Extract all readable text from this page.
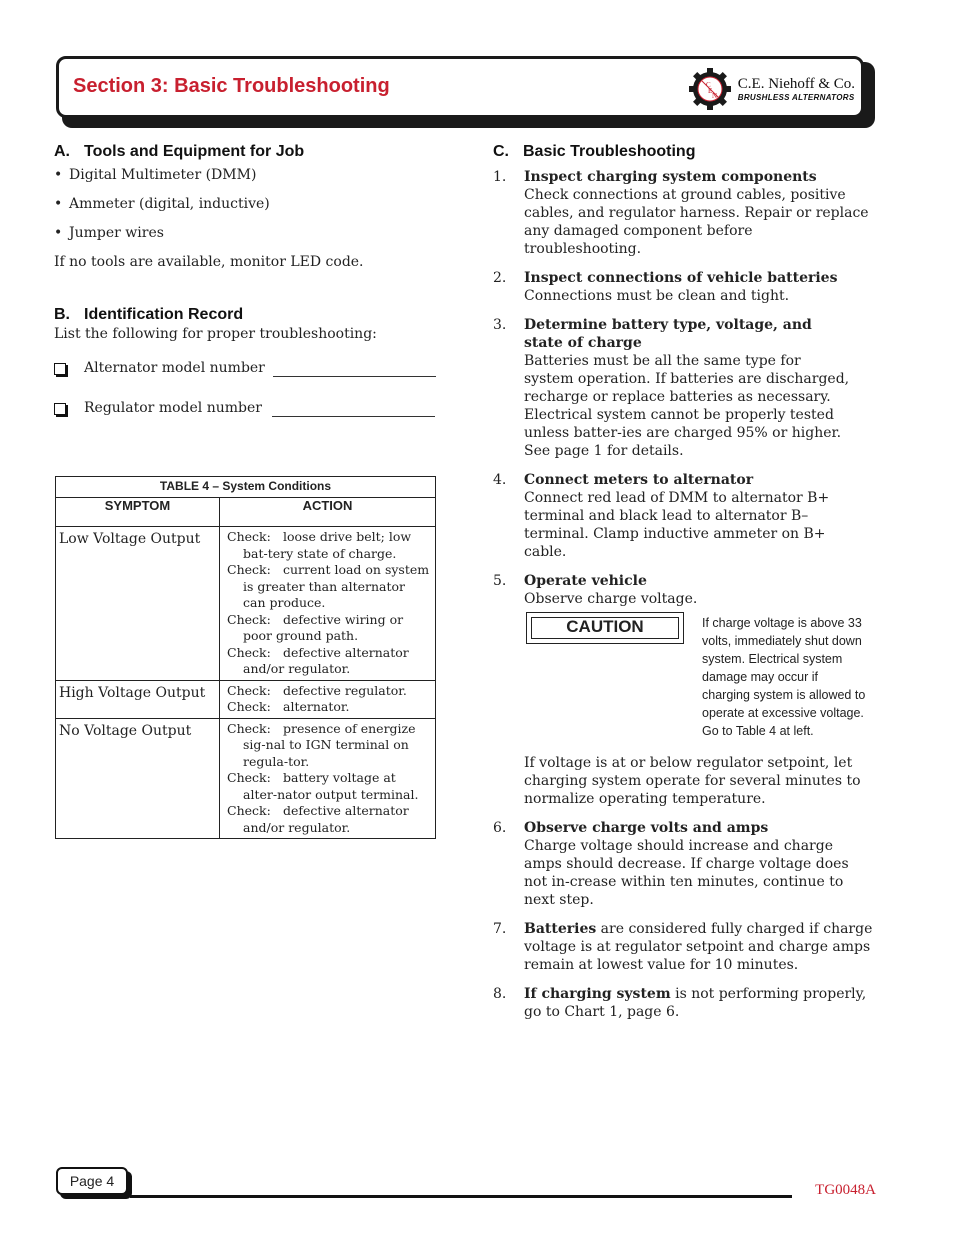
Section 3: Basic Troubleshooting	C
E
N
C.E. Niehoff & Co.
BRUSHLESS ALTERNATORS
A. Tools and Equipment for Job
• Digital Multimeter (DMM)
• Ammeter (digital, inductive)
• Jumper wires

If no tools are available, monitor LED code.

B. Identification Record

List the following for proper troubleshooting:

Alternator model number
Regulator model number
TABLE 4 – System Conditions	
SYMPTOM	ACTION
Low Voltage Output	Check: loose drive belt; low bat-tery state of charge.
Check: current load on system is greater than alternator can produce.
Check: defective wiring or poor ground path.
Check: defective alternator and/or regulator.

High Voltage Output	Check: defective regulator.
Check: alternator.

No Voltage Output	Check: presence of energize sig-nal to IGN terminal on regula-tor.
Check: battery voltage at alter-nator output terminal.
Check: defective alternator and/or regulator.
C. Basic Troubleshooting
1.	Inspect charging system components
Check connections at ground cables, positive cables, and regulator harness. Repair or replace any damaged component before troubleshooting.
2.	Inspect connections of vehicle batteries
Connections must be clean and tight.
3.	Determine battery type, voltage, and state of charge
Batteries must be all the same type for system operation. If batteries are discharged, recharge or replace batteries as necessary. Electrical system cannot be properly tested unless batter-ies are charged 95% or higher. See page 1 for details.
4.	Connect meters to alternator
Connect red lead of DMM to alternator B+ terminal and black lead to alternator B– terminal. Clamp inductive ammeter on B+ cable.
5.	Operate vehicle
Observe charge voltage.
CAUTION	If charge voltage is above 33 volts, immediately shut down system. Electrical system damage may occur if charging system is allowed to operate at excessive voltage. Go to Table 4 at left.

If voltage is at or below regulator setpoint, let charging system operate for several minutes to normalize operating temperature.

6.	Observe charge volts and amps
Charge voltage should increase and charge amps should decrease. If charge voltage does not in-crease within ten minutes, continue to next step.
7.	Batteries are considered fully charged if charge voltage is at regulator setpoint and charge amps remain at lowest value for 10 minutes.
8.	If charging system is not performing properly, go to Chart 1, page 6.
Page 4
TG0048A
